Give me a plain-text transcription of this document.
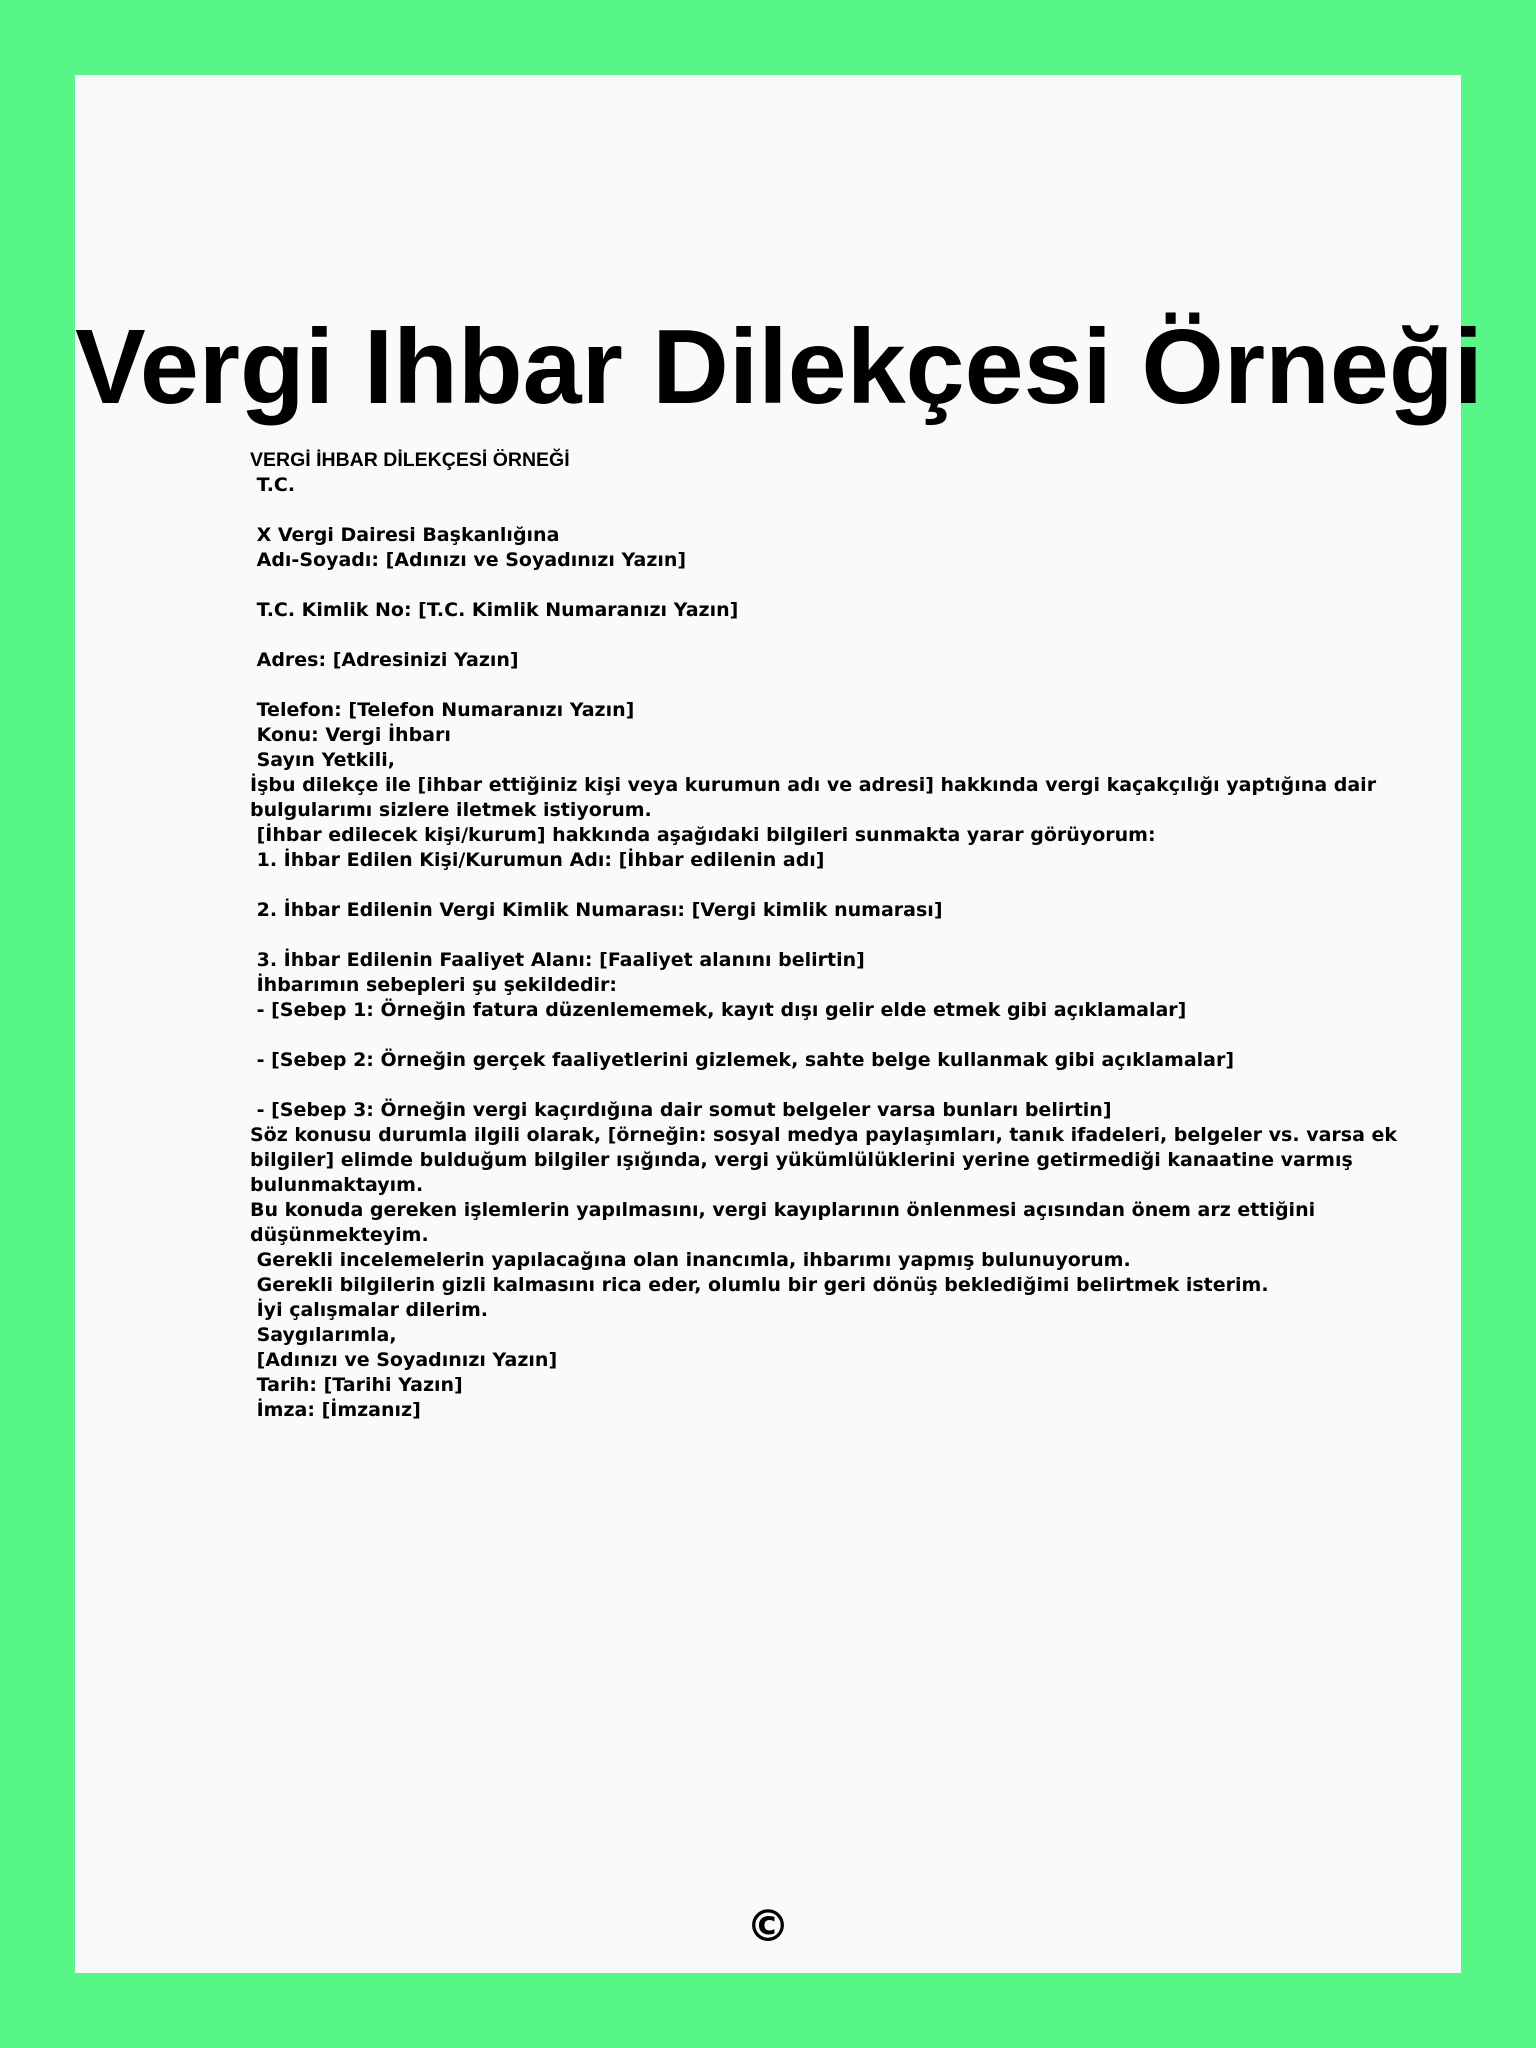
Vergi Ihbar Dilekçesi Örneği
VERGİ İHBAR DİLEKÇESİ ÖRNEĞİ
T.C.
X Vergi Dairesi Başkanlığına
Adı-Soyadı: [Adınızı ve Soyadınızı Yazın]
T.C. Kimlik No: [T.C. Kimlik Numaranızı Yazın]
Adres: [Adresinizi Yazın]
Telefon: [Telefon Numaranızı Yazın]
Konu: Vergi İhbarı
Sayın Yetkili,
İşbu dilekçe ile [ihbar ettiğiniz kişi veya kurumun adı ve adresi] hakkında vergi kaçakçılığı yaptığına dair
bulgularımı sizlere iletmek istiyorum.
[İhbar edilecek kişi/kurum] hakkında aşağıdaki bilgileri sunmakta yarar görüyorum:
1. İhbar Edilen Kişi/Kurumun Adı: [İhbar edilenin adı]
2. İhbar Edilenin Vergi Kimlik Numarası: [Vergi kimlik numarası]
3. İhbar Edilenin Faaliyet Alanı: [Faaliyet alanını belirtin]
İhbarımın sebepleri şu şekildedir:
- [Sebep 1: Örneğin fatura düzenlememek, kayıt dışı gelir elde etmek gibi açıklamalar]
- [Sebep 2: Örneğin gerçek faaliyetlerini gizlemek, sahte belge kullanmak gibi açıklamalar]
- [Sebep 3: Örneğin vergi kaçırdığına dair somut belgeler varsa bunları belirtin]
Söz konusu durumla ilgili olarak, [örneğin: sosyal medya paylaşımları, tanık ifadeleri, belgeler vs. varsa ek
bilgiler] elimde bulduğum bilgiler ışığında, vergi yükümlülüklerini yerine getirmediği kanaatine varmış
bulunmaktayım.
Bu konuda gereken işlemlerin yapılmasını, vergi kayıplarının önlenmesi açısından önem arz ettiğini
düşünmekteyim.
Gerekli incelemelerin yapılacağına olan inancımla, ihbarımı yapmış bulunuyorum.
Gerekli bilgilerin gizli kalmasını rica eder, olumlu bir geri dönüş beklediğimi belirtmek isterim.
İyi çalışmalar dilerim.
Saygılarımla,
[Adınızı ve Soyadınızı Yazın]
Tarih: [Tarihi Yazın]
İmza: [İmzanız]
©
